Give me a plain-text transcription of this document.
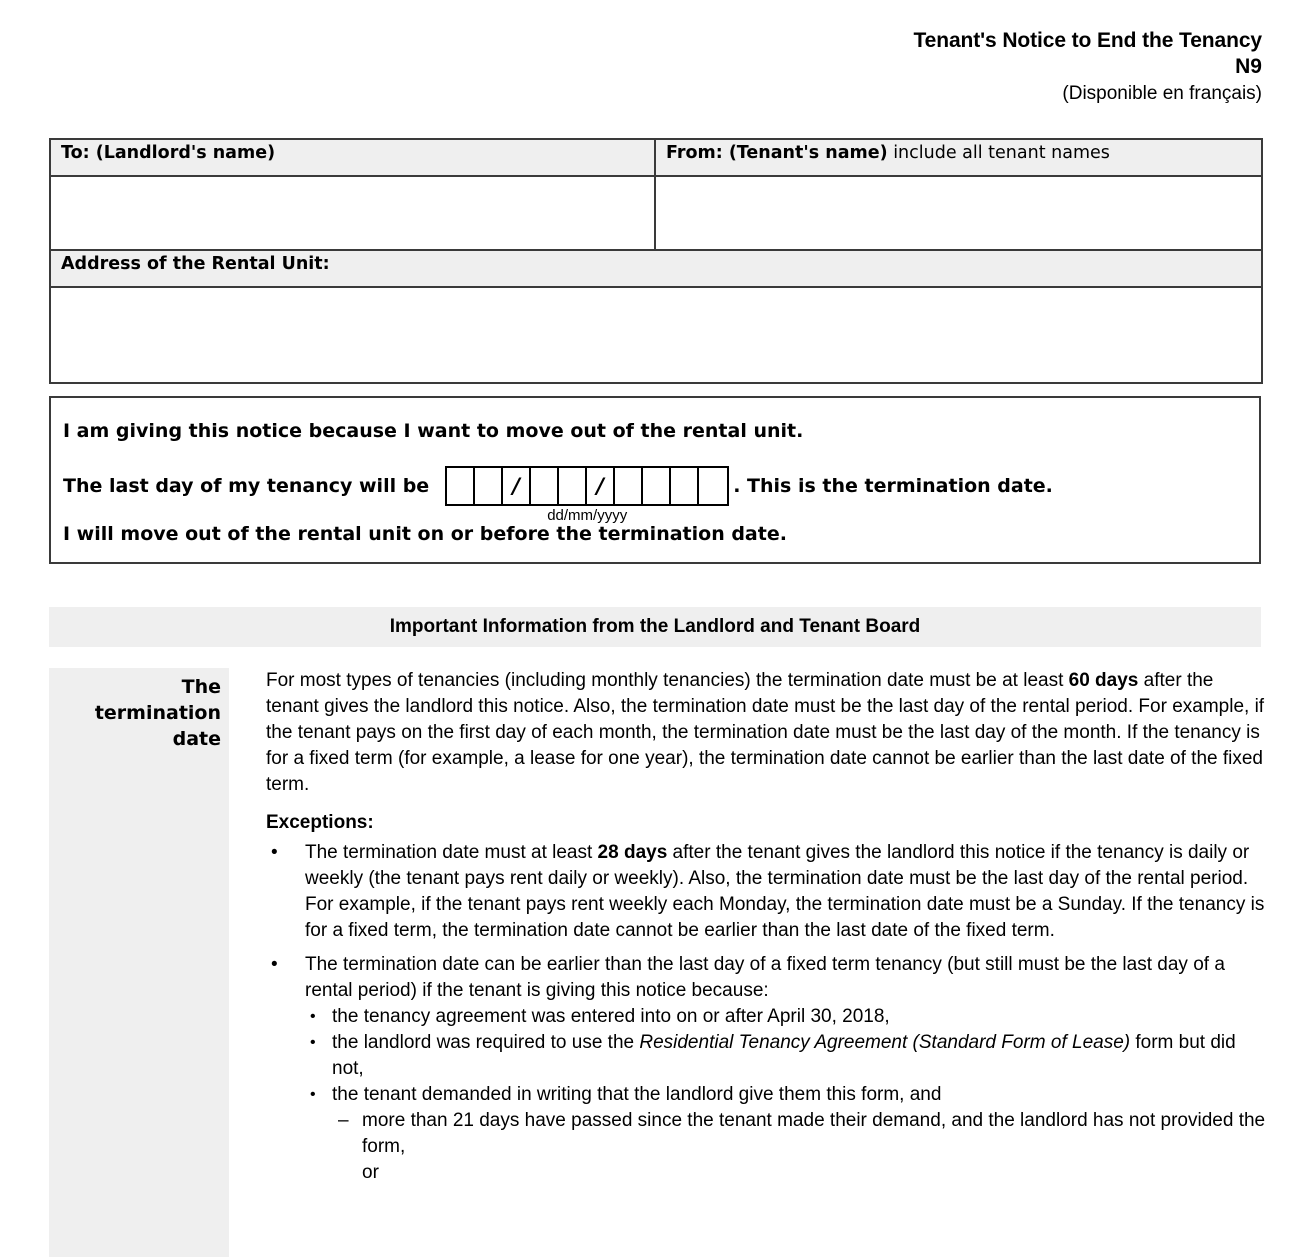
Tenant's Notice to End the Tenancy
N9
(Disponible en français)
To: (Landlord's name)	From: (Tenant's name) include all tenant names

Address of the Rental Unit:	

I am giving this notice because I want to move out of the rental unit.
The last day of my tenancy will be	/	/
dd/mm/yyyy
. This is the termination date.
I will move out of the rental unit on or before the termination date.
Important Information from the Landlord and Tenant Board
The termination date

For most types of tenancies (including monthly tenancies) the termination date must be at least 60 days after the tenant gives the landlord this notice. Also, the termination date must be the last day of the rental period. For example, if the tenant pays on the first day of each month, the termination date must be the last day of the month. If the tenancy is for a fixed term (for example, a lease for one year), the termination date cannot be earlier than the last date of the fixed term.

Exceptions:
• The termination date must at least 28 days after the tenant gives the landlord this notice if the tenancy is daily or weekly (the tenant pays rent daily or weekly). Also, the termination date must be the last day of the rental period. For example, if the tenant pays rent weekly each Monday, the termination date must be a Sunday. If the tenancy is for a fixed term, the termination date cannot be earlier than the last date of the fixed term.
• The termination date can be earlier than the last day of a fixed term tenancy (but still must be the last day of a rental period) if the tenant is giving this notice because:
• the tenancy agreement was entered into on or after April 30, 2018,
• the landlord was required to use the Residential Tenancy Agreement (Standard Form of Lease) form but did not,
• the tenant demanded in writing that the landlord give them this form, and
– more than 21 days have passed since the tenant made their demand, and the landlord has not provided the form,
or
